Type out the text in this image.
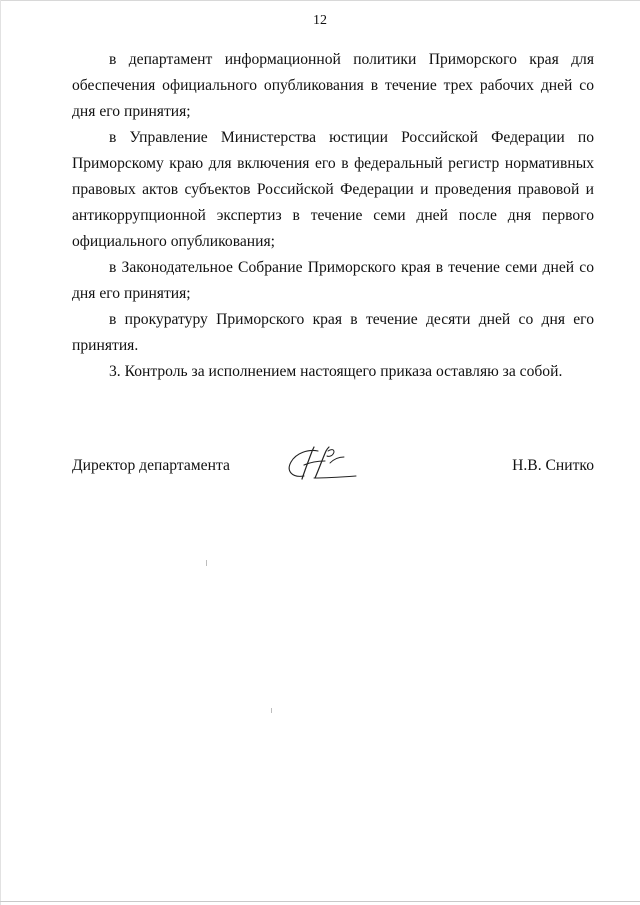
12

в департамент информационной политики Приморского края для обеспечения официального опубликования в течение трех рабочих дней со дня его принятия;

в Управление Министерства юстиции Российской Федерации по Приморскому краю для включения его в федеральный регистр нормативных правовых актов субъектов Российской Федерации и проведения правовой и антикоррупционной экспертиз в течение семи дней после дня первого официального опубликования;

в Законодательное Собрание Приморского края в течение семи дней со дня его принятия;

в прокуратуру Приморского края в течение десяти дней со дня его принятия.

3. Контроль за исполнением настоящего приказа оставляю за собой.

Директор департамента	Н.В. Снитко
